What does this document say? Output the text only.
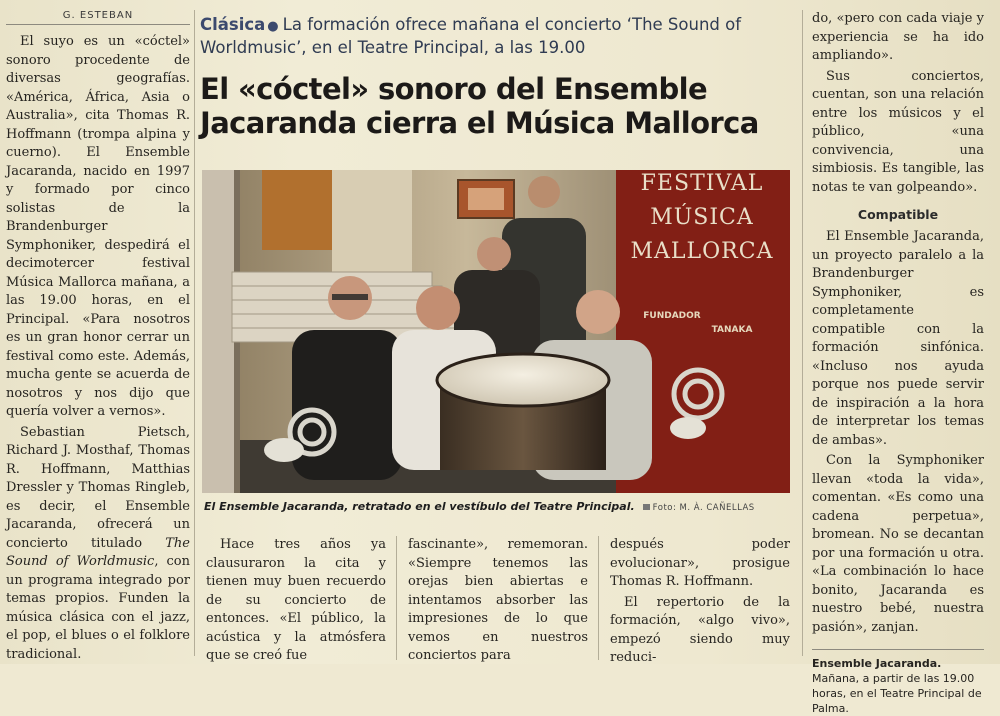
G. ESTEBAN

El suyo es un «cóctel» sonoro procedente de diversas geografías. «América, África, Asia o Australia», cita Thomas R. Hoffmann (trompa alpina y cuerno). El Ensemble Jacaranda, nacido en 1997 y formado por cinco solistas de la Brandenburger Symphoniker, despedirá el decimotercer festival Música Mallorca mañana, a las 19.00 horas, en el Principal. «Para nosotros es un gran honor cerrar un festival como este. Además, mucha gente se acuerda de nosotros y nos dijo que quería volver a vernos».

Sebastian Pietsch, Richard J. Mosthaf, Thomas R. Hoffmann, Matthias Dressler y Thomas Ringleb, es decir, el Ensemble Jacaranda, ofrecerá un concierto titulado The Sound of Worldmusic, con un programa integrado por temas propios. Funden la música clásica con el jazz, el pop, el blues o el folklore tradicional.

Clásica ● La formación ofrece mañana el concierto ‘The Sound of Worldmusic’, en el Teatre Principal, a las 19.00

El «cóctel» sonoro del Ensemble
Jacaranda cierra el Música Mallorca
FESTIVAL
MÚSICA
MALLORCA
FUNDADOR
TANAKA
El Ensemble Jacaranda, retratado en el vestíbulo del Teatre Principal. Foto: M. À. CAÑELLAS

Hace tres años ya clausuraron la cita y tienen muy buen recuerdo de su concierto de entonces. «El público, la acústica y la atmósfera que se creó fue

fascinante», rememoran. «Siempre tenemos las orejas bien abiertas e intentamos absorber las impresiones de lo que vemos en nuestros conciertos para

después poder evolucionar», prosigue Thomas R. Hoffmann.

El repertorio de la formación, «algo vivo», empezó siendo muy reduci-

do, «pero con cada viaje y experiencia se ha ido ampliando».

Sus conciertos, cuentan, son una relación entre los músicos y el público, «una convivencia, una simbiosis. Es tangible, las notas te van golpeando».

Compatible

El Ensemble Jacaranda, un proyecto paralelo a la Brandenburger Symphoniker, es completamente compatible con la formación sinfónica. «Incluso nos ayuda porque nos puede servir de inspiración a la hora de interpretar los temas de ambas».

Con la Symphoniker llevan «toda la vida», comentan. «Es como una cadena perpetua», bromean. No se decantan por una formación u otra. «La combinación lo hace bonito, Jacaranda es nuestro bebé, nuestra pasión», zanjan.

Ensemble Jacaranda. Mañana, a partir de las 19.00 horas, en el Teatre Principal de Palma.
